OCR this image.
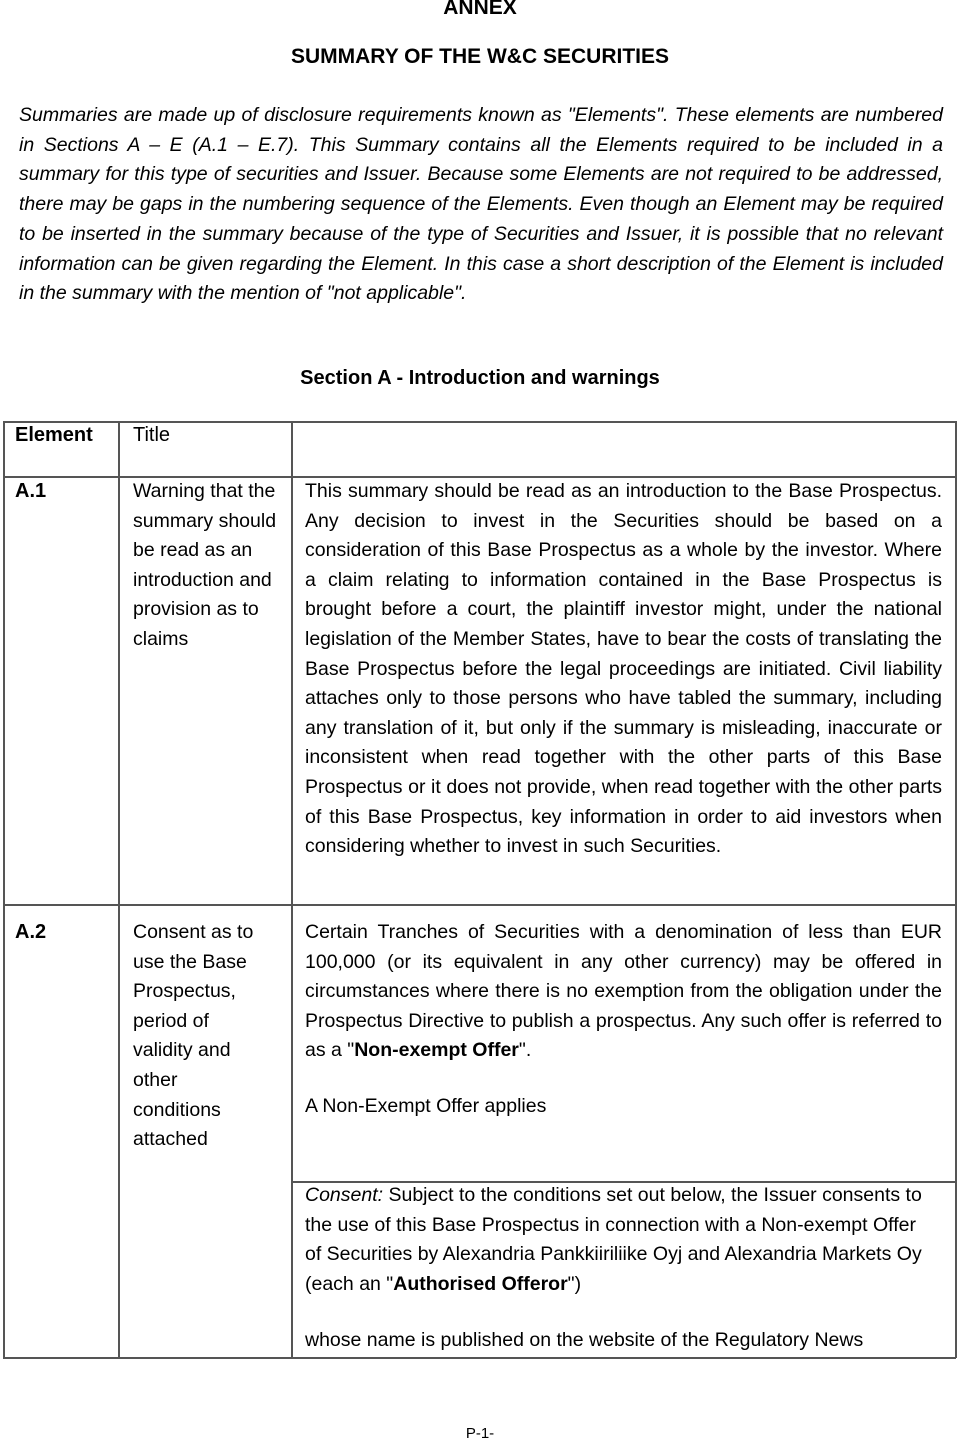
ANNEX
SUMMARY OF THE W&C SECURITIES

Summaries are made up of disclosure requirements known as "Elements". These elements are numbered in Sections A – E (A.1 – E.7). This Summary contains all the Elements required to be included in a summary for this type of securities and Issuer. Because some Elements are not required to be addressed, there may be gaps in the numbering sequence of the Elements. Even though an Element may be required to be inserted in the summary because of the type of Securities and Issuer, it is possible that no relevant information can be given regarding the Element. In this case a short description of the Element is included in the summary with the mention of "not applicable".

Section A - Introduction and warnings
Element Title
A.1	Warning that the summary should be read as an introduction and provision as to claims
This summary should be read as an introduction to the Base Prospectus. Any decision to invest in the Securities should be based on a consideration of this Base Prospectus as a whole by the investor. Where a claim relating to information contained in the Base Prospectus is brought before a court, the plaintiff investor might, under the national legislation of the Member States, have to bear the costs of translating the Base Prospectus before the legal proceedings are initiated. Civil liability attaches only to those persons who have tabled the summary, including any translation of it, but only if the summary is misleading, inaccurate or inconsistent when read together with the other parts of this Base Prospectus or it does not provide, when read together with the other parts of this Base Prospectus, key information in order to aid investors when considering whether to invest in such Securities.
A.2	Consent as to use the Base Prospectus, period of validity and other conditions attached

Certain Tranches of Securities with a denomination of less than EUR 100,000 (or its equivalent in any other currency) may be offered in circumstances where there is no exemption from the obligation under the Prospectus Directive to publish a prospectus. Any such offer is referred to as a "Non-exempt Offer".

A Non-Exempt Offer applies

Consent: Subject to the conditions set out below, the Issuer consents to the use of this Base Prospectus in connection with a Non-exempt Offer of Securities by Alexandria Pankkiiriliike Oyj and Alexandria Markets Oy (each an "Authorised Offeror")

whose name is published on the website of the Regulatory News
P-1-
